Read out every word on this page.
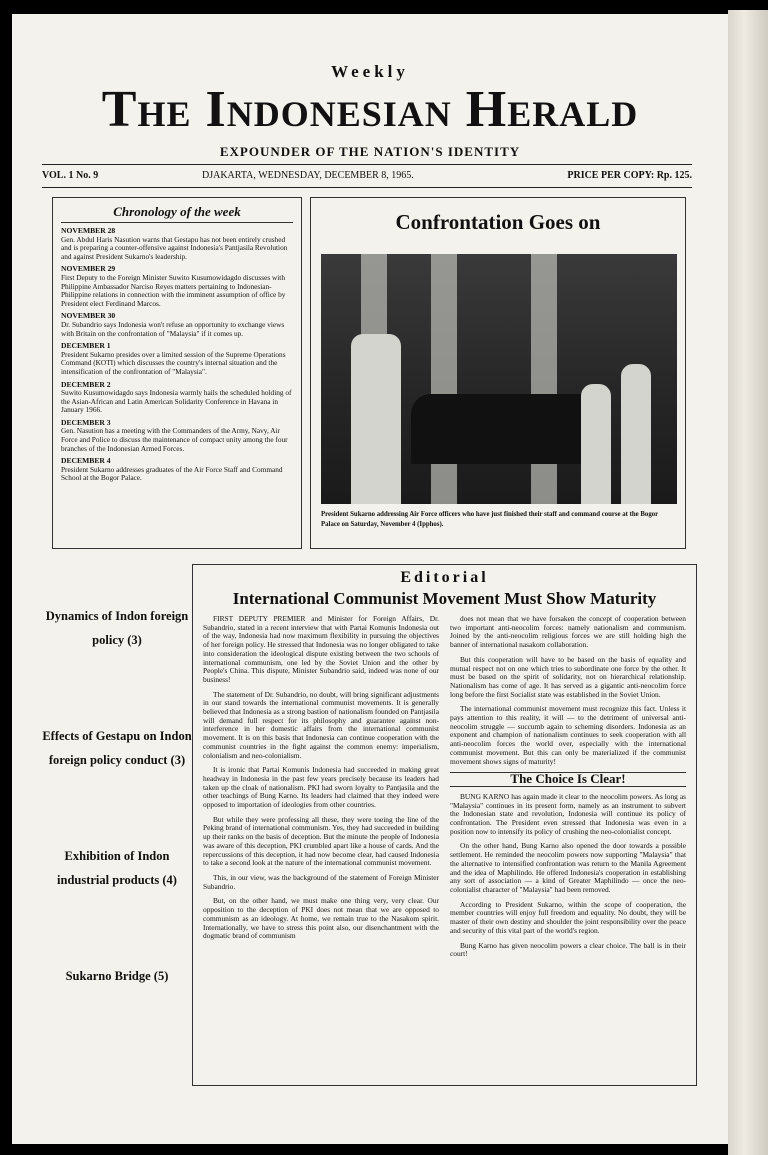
Weekly
The Indonesian Herald
EXPOUNDER OF THE NATION'S IDENTITY
VOL. 1 No. 9	DJAKARTA, WEDNESDAY, DECEMBER 8, 1965.	PRICE PER COPY: Rp. 125.
Chronology of the week
NOVEMBER 28
Gen. Abdul Haris Nasution warns that Gestapu has not been entirely crushed and is preparing a counter-offensive against Indonesia's Pantjasila Revolution and against President Sukarno's leadership.
NOVEMBER 29
First Deputy to the Foreign Minister Suwito Kusumowidagdo discusses with Philippine Ambassador Narciso Reyes matters pertaining to Indonesian-Philippine relations in connection with the imminent assumption of office by President elect Ferdinand Marcos.
NOVEMBER 30
Dr. Subandrio says Indonesia won't refuse an opportunity to exchange views with Britain on the confrontation of "Malaysia" if it comes up.
DECEMBER 1
President Sukarno presides over a limited session of the Supreme Operations Command (KOTI) which discusses the country's internal situation and the intensification of the confrontation of "Malaysia".
DECEMBER 2
Suwito Kusumowidagdo says Indonesia warmly hails the scheduled holding of the Asian-African and Latin American Solidarity Conference in Havana in January 1966.
DECEMBER 3
Gen. Nasution has a meeting with the Commanders of the Army, Navy, Air Force and Police to discuss the maintenance of compact unity among the four branches of the Indonesian Armed Forces.
DECEMBER 4
President Sukarno addresses graduates of the Air Force Staff and Command School at the Bogor Palace.
Confrontation Goes on
President Sukarno addressing Air Force officers who have just finished their staff and command course at the Bogor Palace on Saturday, November 4 (Ipphos).
Dynamics of Indon foreign policy (3)
Effects of Gestapu on Indon foreign policy conduct (3)
Exhibition of Indon industrial products (4)
Sukarno Bridge (5)
Editorial
International Communist Movement Must Show Maturity

FIRST DEPUTY PREMIER and Minister for Foreign Affairs, Dr. Subandrio, stated in a recent interview that with Partai Komunis Indonesia out of the way, Indonesia had now maximum flexibility in pursuing the objectives of her foreign policy. He stressed that Indonesia was no longer obligated to take into consideration the ideological dispute existing between the two schools of international communism, one led by the Soviet Union and the other by People's China. This dispute, Minister Subandrio said, indeed was none of our business!

The statement of Dr. Subandrio, no doubt, will bring significant adjustments in our stand towards the international communist movements. It is generally believed that Indonesia as a strong bastion of nationalism founded on Pantjasila will demand full respect for its philosophy and guarantee against non-interference in her domestic affairs from the international communist movement. It is on this basis that Indonesia can continue cooperation with the communist countries in the fight against the common enemy: imperialism, colonialism and neo-colonialism.

It is ironic that Partai Komunis Indonesia had succeeded in making great headway in Indonesia in the past few years precisely because its leaders had taken up the cloak of nationalism. PKI had sworn loyalty to Pantjasila and the other teachings of Bung Karno. Its leaders had claimed that they indeed were opposed to importation of ideologies from other countries.

But while they were professing all these, they were toeing the line of the Peking brand of international communism. Yes, they had succeeded in building up their ranks on the basis of deception. But the minute the people of Indonesia was aware of this deception, PKI crumbled apart like a house of cards. And the repercussions of this deception, it had now become clear, had caused Indonesia to take a second look at the nature of the international communist movement.

This, in our view, was the background of the statement of Foreign Minister Subandrio.

But, on the other hand, we must make one thing very, very clear. Our opposition to the deception of PKI does not mean that we are opposed to communism as an ideology. At home, we remain true to the Nasakom spirit. Internationally, we have to stress this point also, our disenchantment with the dogmatic brand of communism

does not mean that we have forsaken the concept of cooperation between two important anti-neocolim forces: namely nationalism and communism. Joined by the anti-neocolim religious forces we are still holding high the banner of international nasakom collaboration.

But this cooperation will have to be based on the basis of equality and mutual respect not on one which tries to subordinate one force by the other. It must be based on the spirit of solidarity, not on hierarchical relationship. Nationalism has come of age. It has served as a gigantic anti-neocolim force long before the first Socialist state was established in the Soviet Union.

The international communist movement must recognize this fact. Unless it pays attention to this reality, it will — to the detriment of universal anti-neocolim struggle — succumb again to scheming disorders. Indonesia as an exponent and champion of nationalism continues to seek cooperation with all anti-neocolim forces the world over, especially with the international communist movement. But this can only be materialized if the communist movement shows signs of maturity!

The Choice Is Clear!

BUNG KARNO has again made it clear to the neocolim powers. As long as "Malaysia" continues in its present form, namely as an instrument to subvert the Indonesian state and revolution, Indonesia will continue its policy of confrontation. The President even stressed that Indonesia was even in a position now to intensify its policy of crushing the neo-colonialist concept.

On the other hand, Bung Karno also opened the door towards a possible settlement. He reminded the neocolim powers now supporting "Malaysia" that the alternative to intensified confrontation was return to the Manila Agreement and the idea of Maphilindo. He offered Indonesia's cooperation in establishing any sort of association — a kind of Greater Maphilindo — once the neo-colonialist character of "Malaysia" had been removed.

According to President Sukarno, within the scope of cooperation, the member countries will enjoy full freedom and equality. No doubt, they will be master of their own destiny and shoulder the joint responsibility over the peace and security of this vital part of the world's region.

Bung Karno has given neocolim powers a clear choice. The ball is in their court!
